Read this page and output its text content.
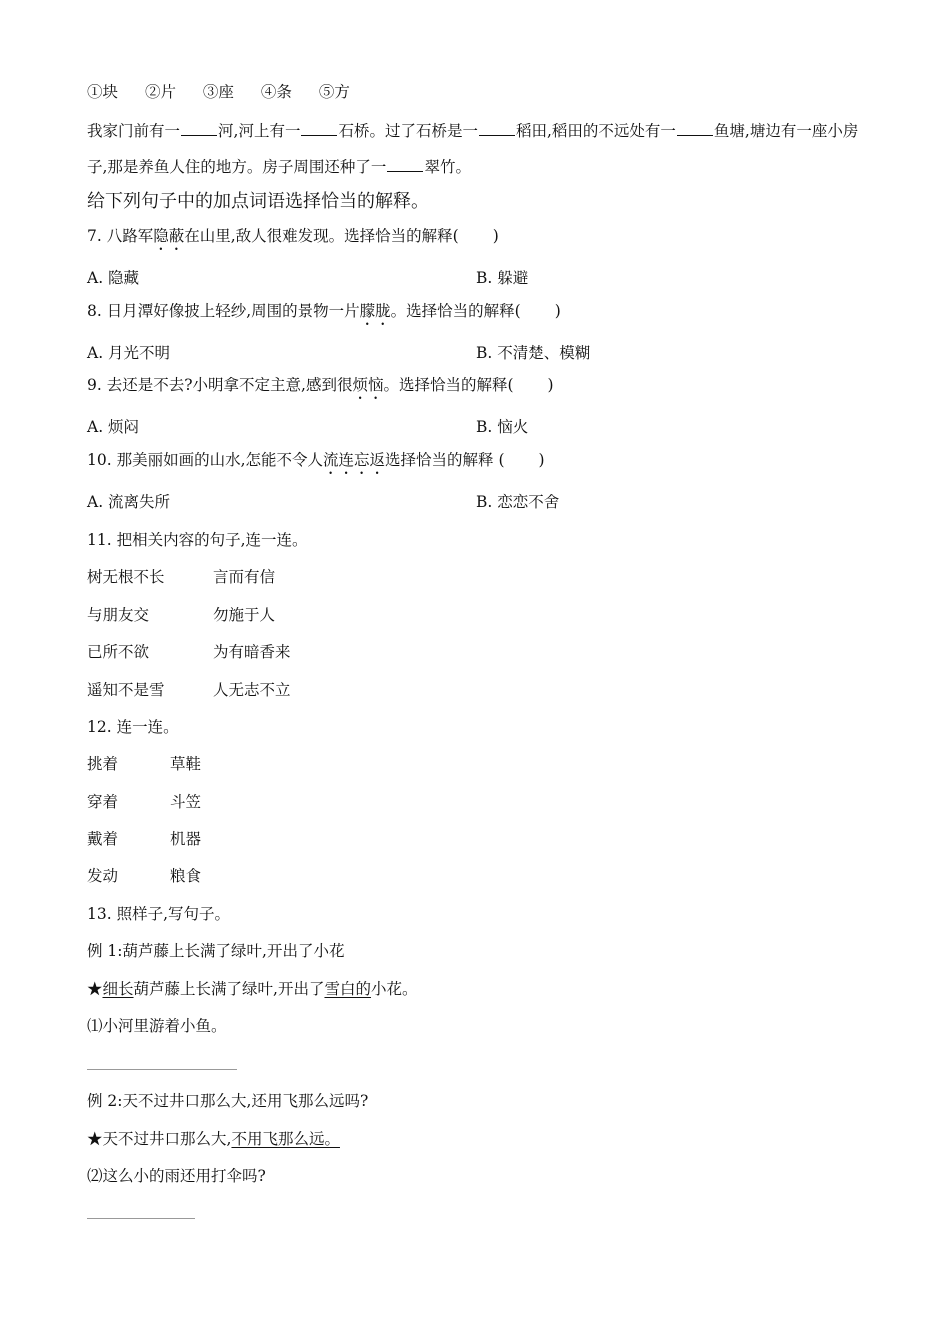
①块 ②片 ③座 ④条 ⑤方
我家门前有一 河,河上有一 石桥。过了石桥是一 稻田,稻田的不远处有一 鱼塘,塘边有一座小房
子,那是养鱼人住的地方。房子周围还种了一 翠竹。
给下列句子中的加点词语选择恰当的解释。
7. 八路军隐蔽在山里,敌人很难发现。选择恰当的解释( )
A. 隐藏	B. 躲避
8. 日月潭好像披上轻纱,周围的景物一片朦胧。选择恰当的解释( )
A. 月光不明	B. 不清楚、模糊
9. 去还是不去?小明拿不定主意,感到很烦恼。选择恰当的解释( )
A. 烦闷	B. 恼火
10. 那美丽如画的山水,怎能不令人流连忘返选择恰当的解释 ( )
A. 流离失所	B. 恋恋不舍
11. 把相关内容的句子,连一连。
树无根不长	言而有信
与朋友交	勿施于人
已所不欲	为有暗香来
遥知不是雪	人无志不立
12. 连一连。
挑着	草鞋
穿着	斗笠
戴着	机器
发动	粮食
13. 照样子,写句子。
例 1:葫芦藤上长满了绿叶,开出了小花
★细长葫芦藤上长满了绿叶,开出了雪白的小花。
⑴小河里游着小鱼。
例 2:天不过井口那么大,还用飞那么远吗?
★天不过井口那么大,不用飞那么远。
⑵这么小的雨还用打伞吗?
